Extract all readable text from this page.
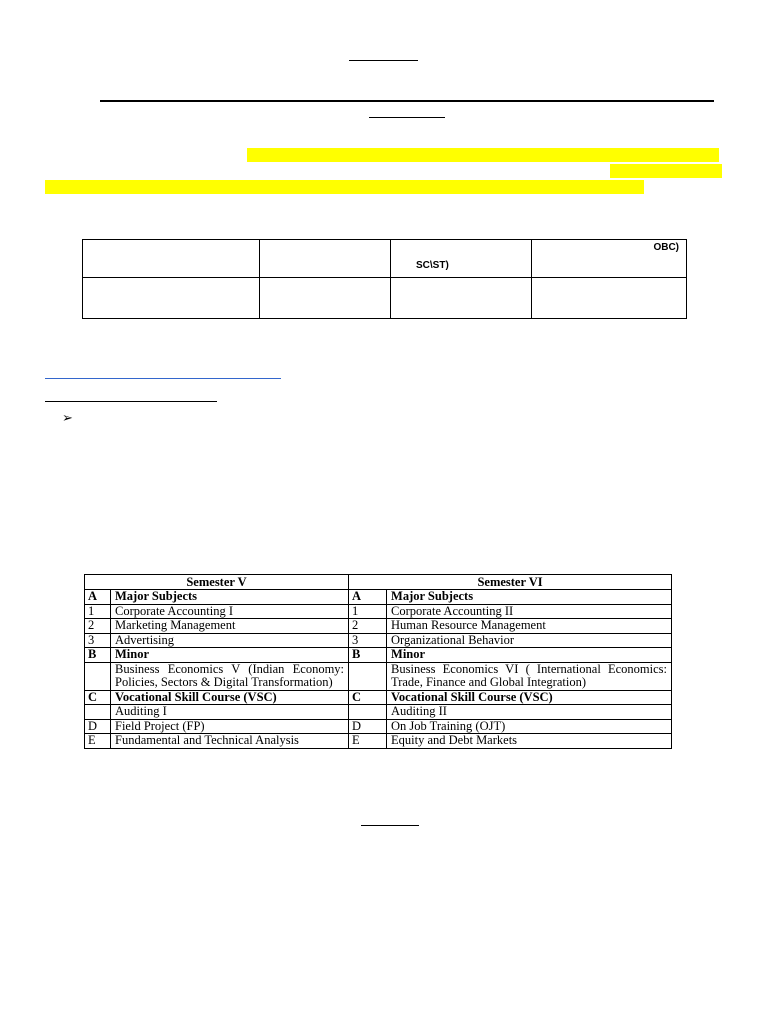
		SC\ST)	OBC)

➢
Semester V		Semester VI	
A	Major Subjects	A	Major Subjects
1	Corporate Accounting I	1	Corporate Accounting II
2	Marketing Management	2	Human Resource Management
3	Advertising	3	Organizational Behavior
B	Minor	B	Minor
	Business Economics V (Indian Economy: Policies, Sectors & Digital Transformation)		Business Economics VI ( International Economics: Trade, Finance and Global Integration)
C	Vocational Skill Course (VSC)	C	Vocational Skill Course (VSC)
	Auditing I		Auditing II
D	Field Project (FP)	D	On Job Training (OJT)
E	Fundamental and Technical Analysis	E	Equity and Debt Markets
